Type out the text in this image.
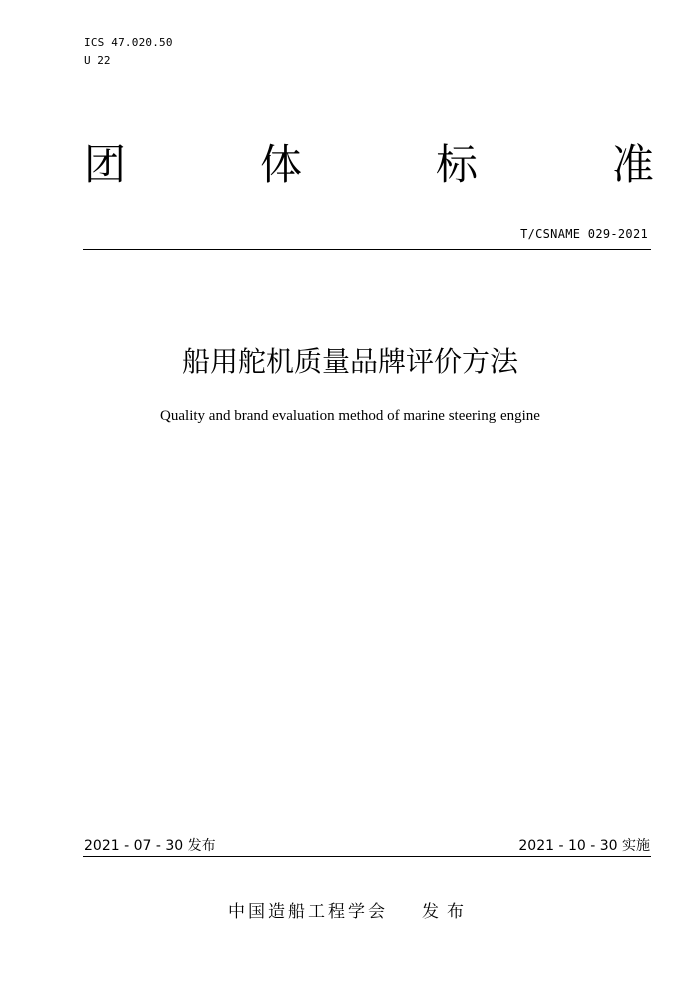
ICS 47.020.50
U 22
团	体	标	准
T/CSNAME 029-2021
船用舵机质量品牌评价方法
Quality and brand evaluation method of marine steering engine
2021 - 07 - 30 发布	2021 - 10 - 30 实施
中国造船工程学会 发布
